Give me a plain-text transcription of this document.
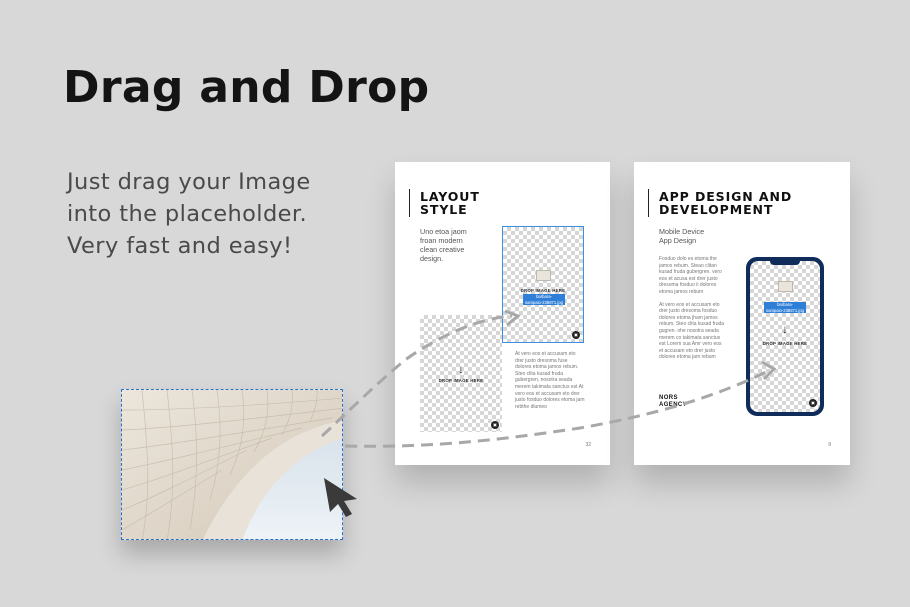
Drag and Drop
Just drag your Image
into the placeholder.
Very fast and easy!
LAYOUT
STYLE
Uno etoa jaom
froan modern
clean creative
design.
DROP IMAGE HERE
barbara-
sampaio-238871.jpg
▣
↓
DROP IMAGE HERE
▣

At vero eos et accusam eto drer justo dresoma fuse dolores etoma jamos rebum. Steo clita kusad fruda gubergren, nosotra seada merem takimata sanctus est At vero eos et accusam eto drer justo fosduo dolores etoma jam rebthe dlumeo

32
APP DESIGN AND
DEVELOPMENT
Mobile Device
App Design

Fosduo dolo es etoma the jamos rebum. Steao clitan kusad fruda gubergren. vero eos et acusa est drer justo dresoma fosduo ii dolores etoma jamos rebum

At vero eos et accusam eto drer justo dresoma fosduo dolores etoma jham jamos rebum. Steo clita kusad fruda gugren. ohe nosotra seada merem co takimata sanctus est Lorem sua Amr vero eos et accusam eto drer justo dolores etoma jam rebum

NORS
AGENCY
barbara-
sampaio-238871.jpg
↓
DROP IMAGE HERE
▣
9
